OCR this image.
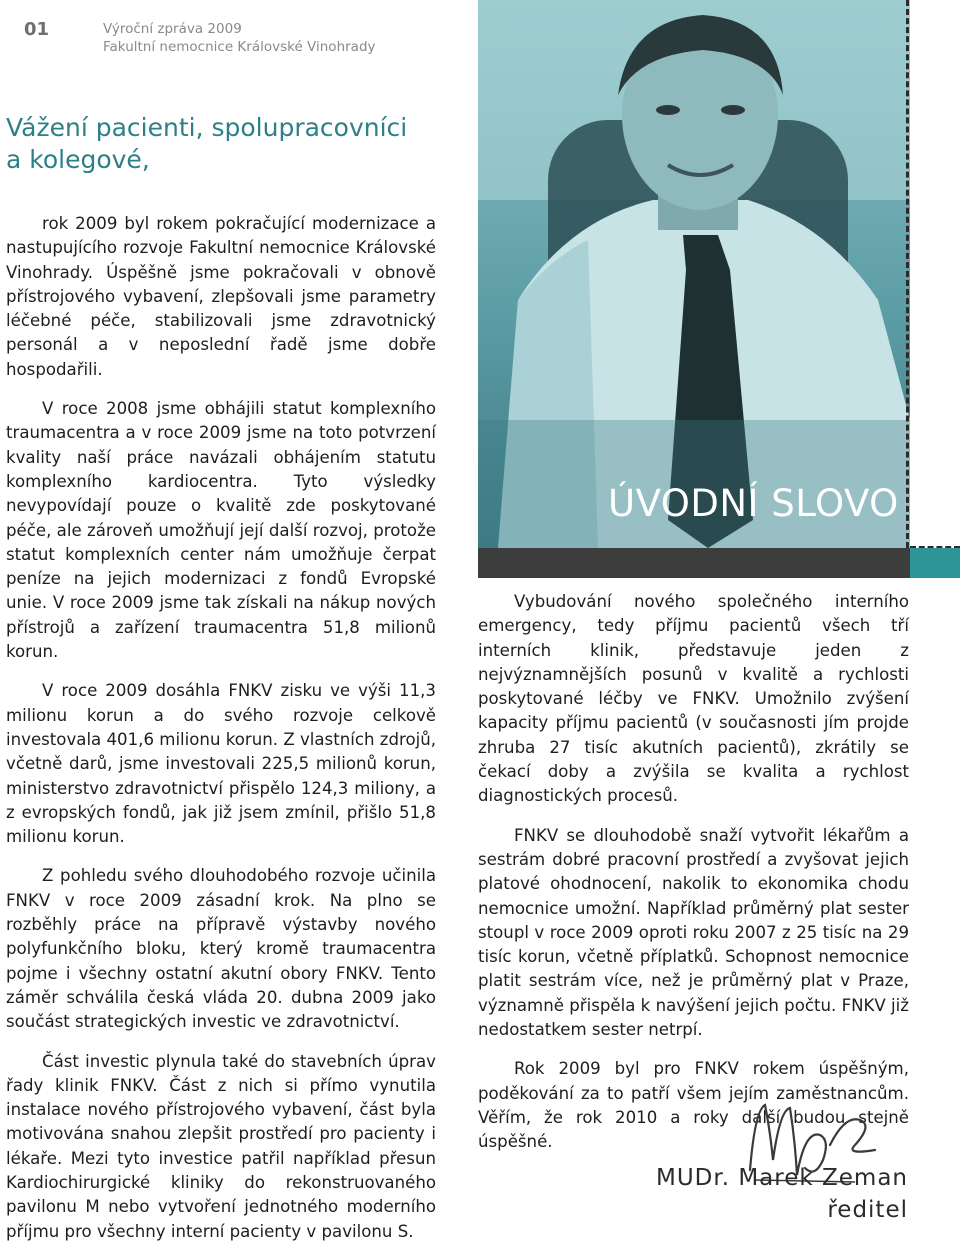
01	Výroční zpráva 2009
Fakultní nemocnice Královské Vinohrady
Vážení pacienti, spolupracovníci
a kolegové,

rok 2009 byl rokem pokračující modernizace a nastupujícího rozvoje Fakultní nemocnice Královské Vinohrady. Úspěšně jsme pokračovali v obnově přístrojového vybavení, zlepšovali jsme parametry léčebné péče, stabilizovali jsme zdravotnický personál a v neposlední řadě jsme dobře hospodařili.

V roce 2008 jsme obhájili statut komplexního traumacentra a v roce 2009 jsme na toto potvrzení kvality naší práce navázali obhájením statutu komplexního kardiocentra. Tyto výsledky nevypovídají pouze o kvalitě zde poskytované péče, ale zároveň umožňují její další rozvoj, protože statut komplexních center nám umožňuje čerpat peníze na jejich modernizaci z fondů Evropské unie. V roce 2009 jsme tak získali na nákup nových přístrojů a zařízení traumacentra 51,8 milionů korun.

V roce 2009 dosáhla FNKV zisku ve výši 11,3 milionu korun a do svého rozvoje celkově investovala 401,6 milionu korun. Z vlastních zdrojů, včetně darů, jsme investovali 225,5 milionů korun, ministerstvo zdravotnictví přispělo 124,3 miliony, a z evropských fondů, jak již jsem zmínil, přišlo 51,8 milionu korun.

Z pohledu svého dlouhodobého rozvoje učinila FNKV v roce 2009 zásadní krok. Na plno se rozběhly práce na přípravě výstavby nového polyfunkčního bloku, který kromě traumacentra pojme i všechny ostatní akutní obory FNKV. Tento záměr schválila česká vláda 20. dubna 2009 jako součást strategických investic ve zdravotnictví.

Část investic plynula také do stavebních úprav řady klinik FNKV. Část z nich si přímo vynutila instalace nového přístrojového vybavení, část byla motivována snahou zlepšit prostředí pro pacienty i lékaře. Mezi tyto investice patřil například přesun Kardiochirurgické kliniky do rekonstruovaného pavilonu M nebo vytvoření jednotného moderního příjmu pro všechny interní pacienty v pavilonu S.

ÚVODNÍ SLOVO

Vybudování nového společného interního emergency, tedy příjmu pacientů všech tří interních klinik, představuje jeden z nejvýznamnějších posunů v kvalitě a rychlosti poskytované léčby ve FNKV. Umožnilo zvýšení kapacity příjmu pacientů (v současnosti jím projde zhruba 27 tisíc akutních pacientů), zkrátily se čekací doby a zvýšila se kvalita a rychlost diagnostických procesů.

FNKV se dlouhodobě snaží vytvořit lékařům a sestrám dobré pracovní prostředí a zvyšovat jejich platové ohodnocení, nakolik to ekonomika chodu nemocnice umožní. Například průměrný plat sester stoupl v roce 2009 oproti roku 2007 z 25 tisíc na 29 tisíc korun, včetně příplatků. Schopnost nemocnice platit sestrám více, než je průměrný plat v Praze, významně přispěla k navýšení jejich počtu. FNKV již nedostatkem sester netrpí.

Rok 2009 byl pro FNKV rokem úspěšným, poděkování za to patří všem jejím zaměstnancům. Věřím, že rok 2010 a roky další budou stejně úspěšné.

MUDr. Marek Zeman
ředitel
